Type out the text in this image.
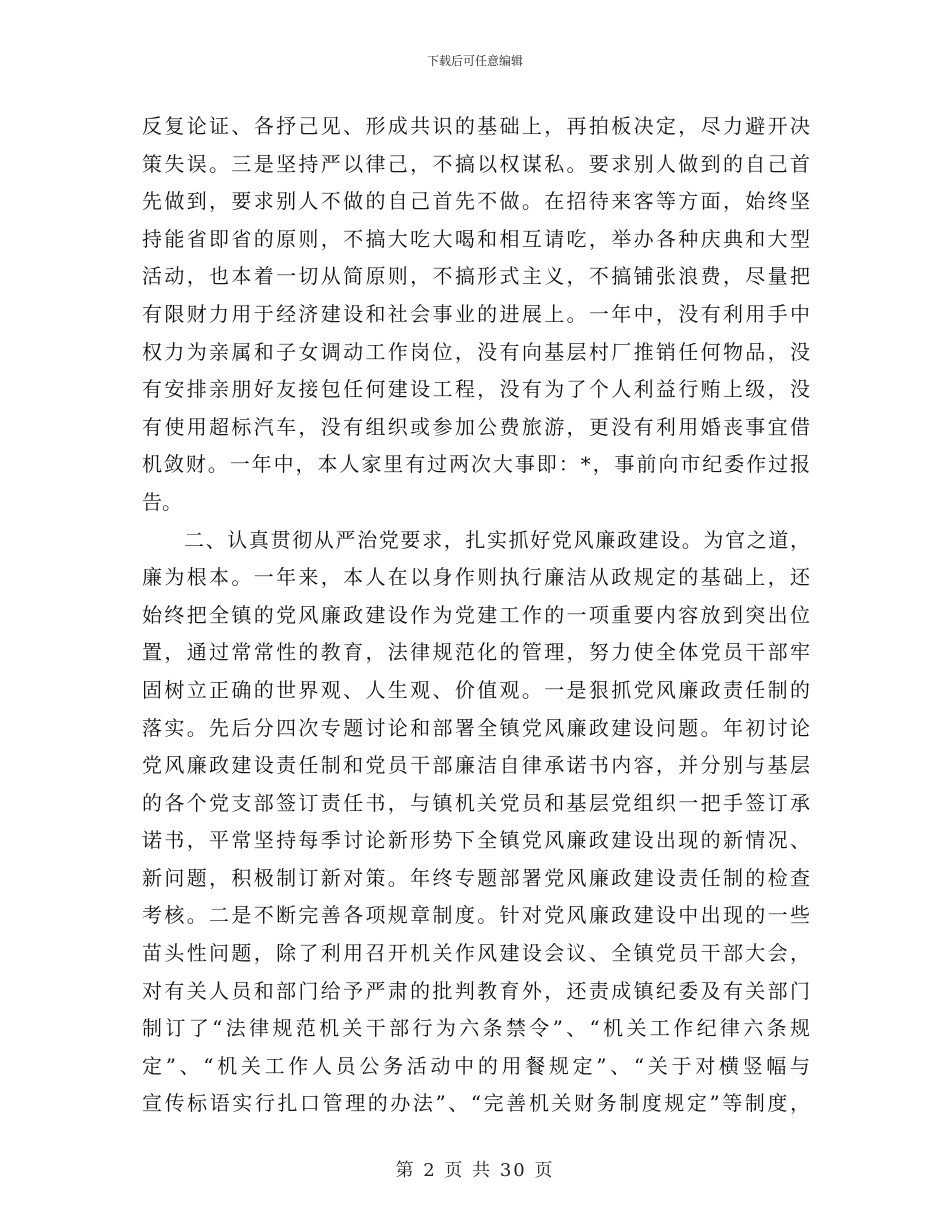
下载后可任意编辑
反复论证、各抒己见、形成共识的基础上，再拍板决定，尽力避开决
策失误。三是坚持严以律己，不搞以权谋私。要求别人做到的自己首
先做到，要求别人不做的自己首先不做。在招待来客等方面，始终坚
持能省即省的原则，不搞大吃大喝和相互请吃，举办各种庆典和大型
活动，也本着一切从简原则，不搞形式主义，不搞铺张浪费，尽量把
有限财力用于经济建设和社会事业的进展上。一年中，没有利用手中
权力为亲属和子女调动工作岗位，没有向基层村厂推销任何物品，没
有安排亲朋好友接包任何建设工程，没有为了个人利益行贿上级，没
有使用超标汽车，没有组织或参加公费旅游，更没有利用婚丧事宜借
机敛财。一年中，本人家里有过两次大事即：*，事前向市纪委作过报
告。
二、认真贯彻从严治党要求，扎实抓好党风廉政建设。为官之道，
廉为根本。一年来，本人在以身作则执行廉洁从政规定的基础上，还
始终把全镇的党风廉政建设作为党建工作的一项重要内容放到突出位
置，通过常常性的教育，法律规范化的管理，努力使全体党员干部牢
固树立正确的世界观、人生观、价值观。一是狠抓党风廉政责任制的
落实。先后分四次专题讨论和部署全镇党风廉政建设问题。年初讨论
党风廉政建设责任制和党员干部廉洁自律承诺书内容，并分别与基层
的各个党支部签订责任书，与镇机关党员和基层党组织一把手签订承
诺书，平常坚持每季讨论新形势下全镇党风廉政建设出现的新情况、
新问题，积极制订新对策。年终专题部署党风廉政建设责任制的检查
考核。二是不断完善各项规章制度。针对党风廉政建设中出现的一些
苗头性问题，除了利用召开机关作风建设会议、全镇党员干部大会，
对有关人员和部门给予严肃的批判教育外，还责成镇纪委及有关部门
制订了“法律规范机关干部行为六条禁令”、“机关工作纪律六条规
定”、“机关工作人员公务活动中的用餐规定”、“关于对横竖幅与
宣传标语实行扎口管理的办法”、“完善机关财务制度规定”等制度，
第 2 页 共 30 页
